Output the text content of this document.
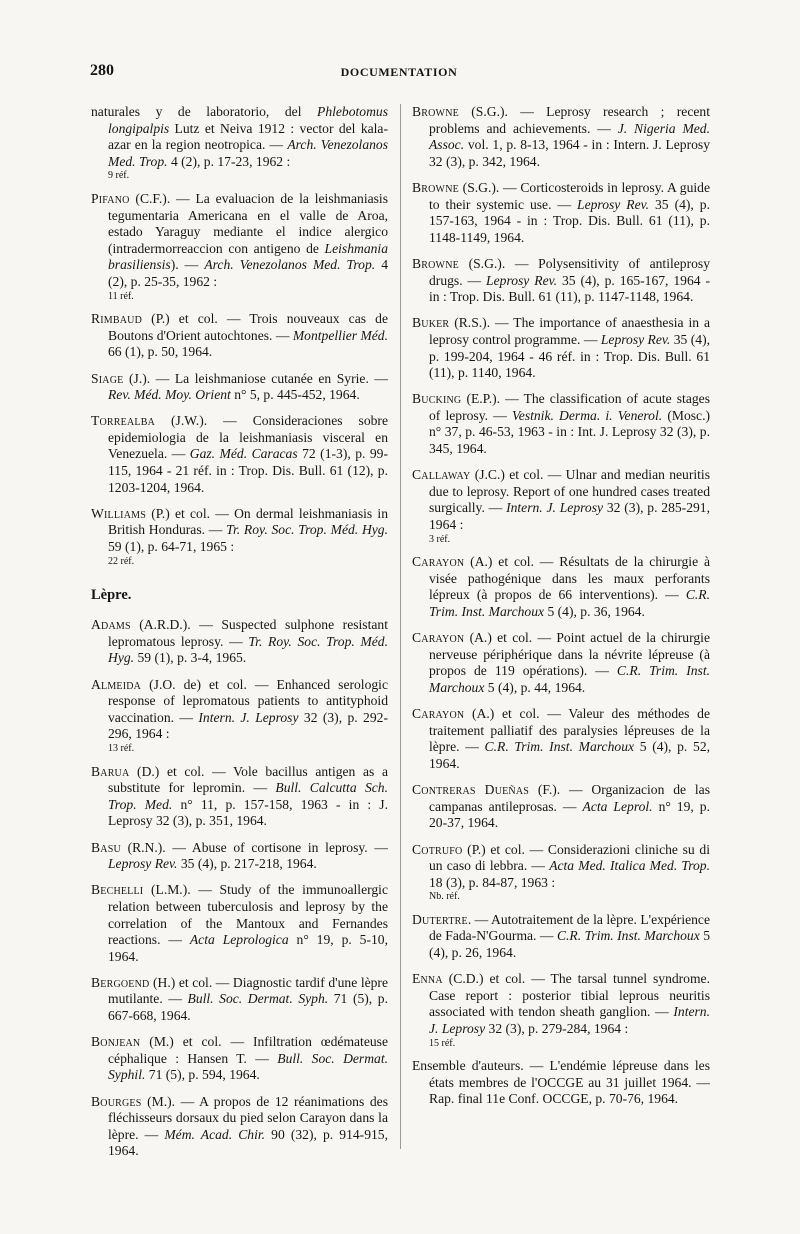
280	DOCUMENTATION
naturales y de laboratorio, del Phlebotomus longipalpis Lutz et Neiva 1912 : vector del kala-azar en la region neotropica. — Arch. Venezolanos Med. Trop. 4 (2), p. 17-23, 1962 :
9 réf.
Pifano (C.F.). — La evaluacion de la leishmaniasis tegumentaria Americana en el valle de Aroa, estado Yaraguy mediante el indice alergico (intradermorreaccion con antigeno de Leishmania brasiliensis). — Arch. Venezolanos Med. Trop. 4 (2), p. 25-35, 1962 :
11 réf.
Rimbaud (P.) et col. — Trois nouveaux cas de Boutons d'Orient autochtones. — Montpellier Méd. 66 (1), p. 50, 1964.
Siage (J.). — La leishmaniose cutanée en Syrie. — Rev. Méd. Moy. Orient n° 5, p. 445-452, 1964.
Torrealba (J.W.). — Consideraciones sobre epidemiologia de la leishmaniasis visceral en Venezuela. — Gaz. Méd. Caracas 72 (1-3), p. 99-115, 1964 - 21 réf. in : Trop. Dis. Bull. 61 (12), p. 1203-1204, 1964.
Williams (P.) et col. — On dermal leishmaniasis in British Honduras. — Tr. Roy. Soc. Trop. Méd. Hyg. 59 (1), p. 64-71, 1965 :
22 réf.
Lèpre.
Adams (A.R.D.). — Suspected sulphone resistant lepromatous leprosy. — Tr. Roy. Soc. Trop. Méd. Hyg. 59 (1), p. 3-4, 1965.
Almeida (J.O. de) et col. — Enhanced serologic response of lepromatous patients to antityphoid vaccination. — Intern. J. Leprosy 32 (3), p. 292-296, 1964 :
13 réf.
Barua (D.) et col. — Vole bacillus antigen as a substitute for lepromin. — Bull. Calcutta Sch. Trop. Med. n° 11, p. 157-158, 1963 - in : J. Leprosy 32 (3), p. 351, 1964.
Basu (R.N.). — Abuse of cortisone in leprosy. — Leprosy Rev. 35 (4), p. 217-218, 1964.
Bechelli (L.M.). — Study of the immunoallergic relation between tuberculosis and leprosy by the correlation of the Mantoux and Fernandes reactions. — Acta Leprologica n° 19, p. 5-10, 1964.
Bergoend (H.) et col. — Diagnostic tardif d'une lèpre mutilante. — Bull. Soc. Dermat. Syph. 71 (5), p. 667-668, 1964.
Bonjean (M.) et col. — Infiltration œdémateuse céphalique : Hansen T. — Bull. Soc. Dermat. Syphil. 71 (5), p. 594, 1964.
Bourges (M.). — A propos de 12 réanimations des fléchisseurs dorsaux du pied selon Carayon dans la lèpre. — Mém. Acad. Chir. 90 (32), p. 914-915, 1964.
Browne (S.G.). — Leprosy research ; recent problems and achievements. — J. Nigeria Med. Assoc. vol. 1, p. 8-13, 1964 - in : Intern. J. Leprosy 32 (3), p. 342, 1964.
Browne (S.G.). — Corticosteroids in leprosy. A guide to their systemic use. — Leprosy Rev. 35 (4), p. 157-163, 1964 - in : Trop. Dis. Bull. 61 (11), p. 1148-1149, 1964.
Browne (S.G.). — Polysensitivity of antileprosy drugs. — Leprosy Rev. 35 (4), p. 165-167, 1964 - in : Trop. Dis. Bull. 61 (11), p. 1147-1148, 1964.
Buker (R.S.). — The importance of anaesthesia in a leprosy control programme. — Leprosy Rev. 35 (4), p. 199-204, 1964 - 46 réf. in : Trop. Dis. Bull. 61 (11), p. 1140, 1964.
Bucking (E.P.). — The classification of acute stages of leprosy. — Vestnik. Derma. i. Venerol. (Mosc.) n° 37, p. 46-53, 1963 - in : Int. J. Leprosy 32 (3), p. 345, 1964.
Callaway (J.C.) et col. — Ulnar and median neuritis due to leprosy. Report of one hundred cases treated surgically. — Intern. J. Leprosy 32 (3), p. 285-291, 1964 :
3 réf.
Carayon (A.) et col. — Résultats de la chirurgie à visée pathogénique dans les maux perforants lépreux (à propos de 66 interventions). — C.R. Trim. Inst. Marchoux 5 (4), p. 36, 1964.
Carayon (A.) et col. — Point actuel de la chirurgie nerveuse périphérique dans la névrite lépreuse (à propos de 119 opérations). — C.R. Trim. Inst. Marchoux 5 (4), p. 44, 1964.
Carayon (A.) et col. — Valeur des méthodes de traitement palliatif des paralysies lépreuses de la lèpre. — C.R. Trim. Inst. Marchoux 5 (4), p. 52, 1964.
Contreras Dueñas (F.). — Organizacion de las campanas antileprosas. — Acta Leprol. n° 19, p. 20-37, 1964.
Cotrufo (P.) et col. — Considerazioni cliniche su di un caso di lebbra. — Acta Med. Italica Med. Trop. 18 (3), p. 84-87, 1963 :
Nb. réf.
Dutertre. — Autotraitement de la lèpre. L'expérience de Fada-N'Gourma. — C.R. Trim. Inst. Marchoux 5 (4), p. 26, 1964.
Enna (C.D.) et col. — The tarsal tunnel syndrome. Case report : posterior tibial leprous neuritis associated with tendon sheath ganglion. — Intern. J. Leprosy 32 (3), p. 279-284, 1964 :
15 réf.
Ensemble d'auteurs. — L'endémie lépreuse dans les états membres de l'OCCGE au 31 juillet 1964. — Rap. final 11e Conf. OCCGE, p. 70-76, 1964.
